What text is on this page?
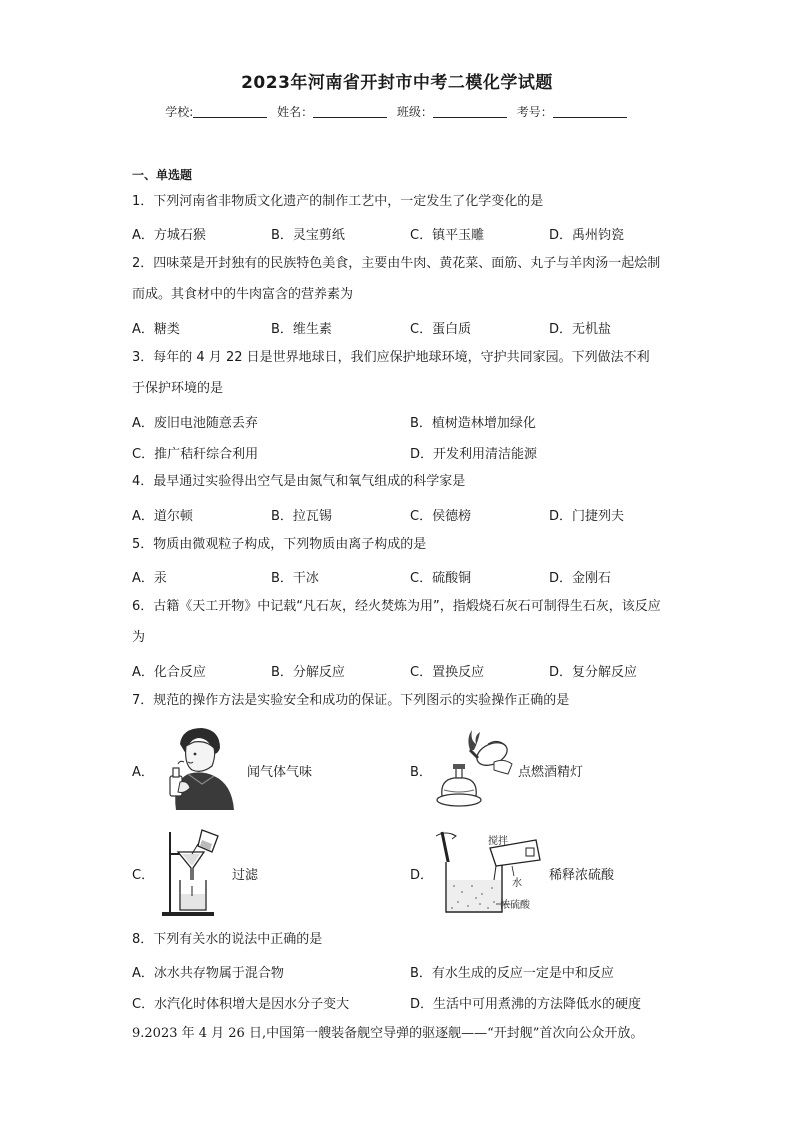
2023年河南省开封市中考二模化学试题
学校:	姓名：	班级：	考号：
一、单选题
1．下列河南省非物质文化遗产的制作工艺中，一定发生了化学变化的是
A．方城石猴	B．灵宝剪纸	C．镇平玉雕	D．禹州钧瓷
2．四味菜是开封独有的民族特色美食，主要由牛肉、黄花菜、面筋、丸子与羊肉汤一起烩制而成。其食材中的牛肉富含的营养素为
A．糖类	B．维生素	C．蛋白质	D．无机盐
3．每年的 4 月 22 日是世界地球日，我们应保护地球环境，守护共同家园。下列做法不利于保护环境的是
A．废旧电池随意丢弃	B．植树造林增加绿化
C．推广秸秆综合利用	D．开发利用清洁能源
4．最早通过实验得出空气是由氮气和氧气组成的科学家是
A．道尔顿	B．拉瓦锡	C．侯德榜	D．门捷列夫
5．物质由微观粒子构成，下列物质由离子构成的是
A．汞	B．干冰	C．硫酸铜	D．金刚石
6．古籍《天工开物》中记载“凡石灰，经火焚炼为用”，指煅烧石灰石可制得生石灰，该反应为
A．化合反应	B．分解反应	C．置换反应	D．复分解反应
7．规范的操作方法是实验安全和成功的保证。下列图示的实验操作正确的是
A．	闻气体气味	B．	点燃酒精灯
C．	过滤	D．
搅拌
水
浓硫酸
稀释浓硫酸
8．下列有关水的说法中正确的是
A．冰水共存物属于混合物	B．有水生成的反应一定是中和反应
C．水汽化时体积增大是因水分子变大	D．生活中可用煮沸的方法降低水的硬度
9.2023 年 4 月 26 日,中国第一艘装备舰空导弹的驱逐舰——“开封舰”首次向公众开放。
